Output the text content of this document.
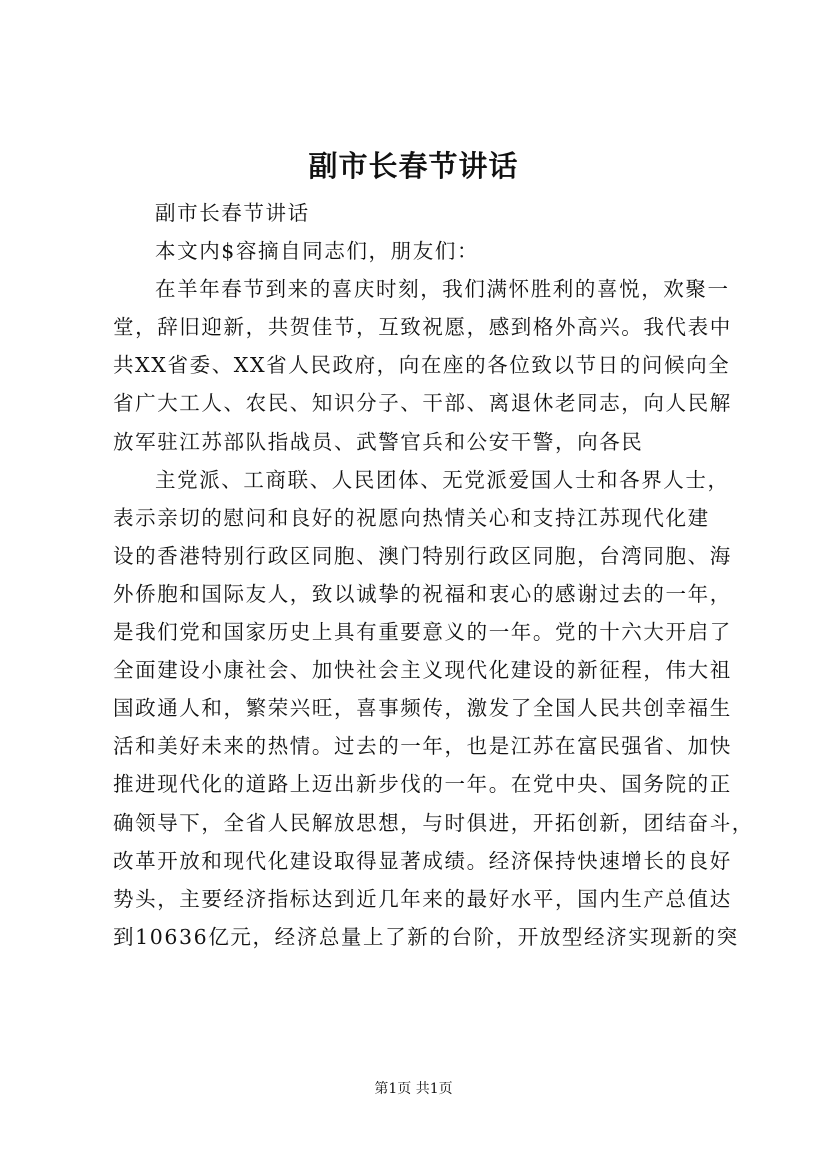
副市长春节讲话
副市长春节讲话
本文内$容摘自同志们，朋友们：
在羊年春节到来的喜庆时刻，我们满怀胜利的喜悦，欢聚一
堂，辞旧迎新，共贺佳节，互致祝愿，感到格外高兴。我代表中
共XX省委、XX省人民政府，向在座的各位致以节日的问候向全
省广大工人、农民、知识分子、干部、离退休老同志，向人民解
放军驻江苏部队指战员、武警官兵和公安干警，向各民
主党派、工商联、人民团体、无党派爱国人士和各界人士，
表示亲切的慰问和良好的祝愿向热情关心和支持江苏现代化建
设的香港特别行政区同胞、澳门特别行政区同胞，台湾同胞、海
外侨胞和国际友人，致以诚挚的祝福和衷心的感谢过去的一年，
是我们党和国家历史上具有重要意义的一年。党的十六大开启了
全面建设小康社会、加快社会主义现代化建设的新征程，伟大祖
国政通人和，繁荣兴旺，喜事频传，激发了全国人民共创幸福生
活和美好未来的热情。过去的一年，也是江苏在富民强省、加快
推进现代化的道路上迈出新步伐的一年。在党中央、国务院的正
确领导下，全省人民解放思想，与时俱进，开拓创新，团结奋斗，
改革开放和现代化建设取得显著成绩。经济保持快速增长的良好
势头，主要经济指标达到近几年来的最好水平，国内生产总值达
到10636亿元，经济总量上了新的台阶，开放型经济实现新的突
第1页 共1页
